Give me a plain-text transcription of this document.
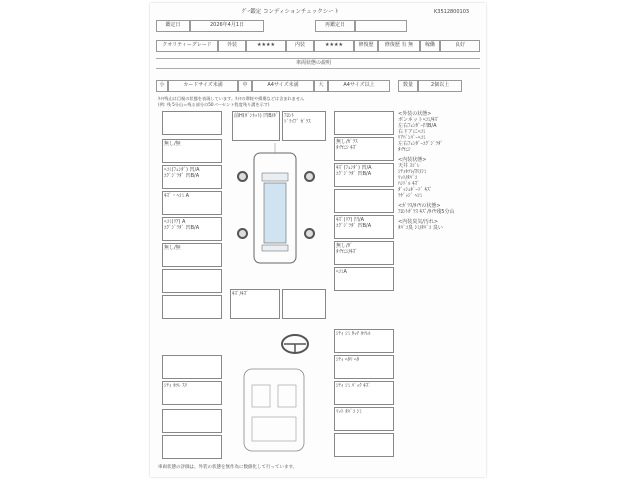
ｸﾞｰ鑑定 コンディションチェックシート	K3512800103
鑑定日	2026年4月1日	再鑑定日
クオリティーグレード	外装	★★★★	内装	★★★★	修復歴	修復歴 有 無	稼働	良好
車両状態の説明
小	カードサイズ未満	中	A4サイズ未満	大	A4サイズ以上	数量	2個以上
ﾀｲﾔ残山は目視の状態を表現しています。ﾀｲﾔの摩耗や損傷などは含まれません
(例: 残 5分山＝残る部分の50パーセント程度残り溝を示す)
無し/無
ﾍｺﾐ(ﾌｪﾝﾀﾞ) 凹/A
ｴｸﾞｼﾞﾗﾀﾞ 凹B/A
ｷｽﾞ・ﾍｺﾐ A
ﾍｺﾐ(ﾘｱ) A
ｴｸﾞｼﾞﾗﾀﾞ 凹B/A
無し/無
前H(ﾎﾞﾝﾈｯﾄ) 凹B/ﾎﾟ ﾌﾛﾝﾄ
ﾄﾞﾗｲﾌﾞ ｶﾞﾗｽ
無し/ｶﾞﾗｽ
ﾀｲﾔﾆｼ ｷｽﾞ
ｷｽﾞ(ﾌｪﾝﾀﾞ) 凹/A
ｴｸﾞｼﾞﾗﾀﾞ 凹B/A
ｷｽﾞ(ﾘｱ) 凹/A
ｴｸﾞｼﾞﾗﾀﾞ 凹B/A
無し/ﾀﾞ
ﾀｲﾔﾆｼ/ｷｽﾞ
ﾍｺﾐA
ｷｽﾞ/ｷｽﾞ
<外装の状態>
ボンネットﾍｺﾐ/ｷｽﾞ
左右ﾌｪﾝﾀﾞｰ凹B/A
右ドアにﾍｺﾐ
ﾘｱﾊﾞﾝﾊﾟｰﾍｺﾐ
左右ﾌｪﾝﾀﾞｰｴｸﾞｼﾞﾗﾀﾞ
ﾀｲﾔﾆｼ
<内装状態>
天井 ﾖｺﾞﾚ
ｼﾃｨﾎﾂﾚ/ｽﾘ/ｼﾐ
ﾏｯﾄ/ﾀﾊﾞｺ
ﾊﾝﾄﾞﾙ ｷｽﾞ
ﾀﾞｯｼｭﾎﾞｰﾄﾞ ｷｽﾞ
ﾗｹﾞｯｼﾞ ﾍｺﾐ
<ｶﾞﾗｽ/ﾀｲﾔの状態>
ﾌﾛﾝﾄｶﾞﾗｽ ｷｽﾞ/ﾀｲﾔ残5分山
<内装臭気/汚れ>
ﾀﾊﾞｺ臭 ｼﾐ/ﾀﾊﾞｺ 臭い
ｼﾃｨ ﾎﾂﾚ ｽﾘ
ｼﾃｨ ｼﾐ ﾀｯﾁ ﾎﾂﾚﾙ
ｼﾃｨ ﾍﾀﾘ ﾍﾀ
ｼﾃｨ ｼﾐ ﾊﾞｯｸ ｷｽﾞ
ﾏｯﾄ ﾀﾊﾞｺ ｼﾐ
車両状態の評価は、外装の状態を無作為に数値化して行っています。
